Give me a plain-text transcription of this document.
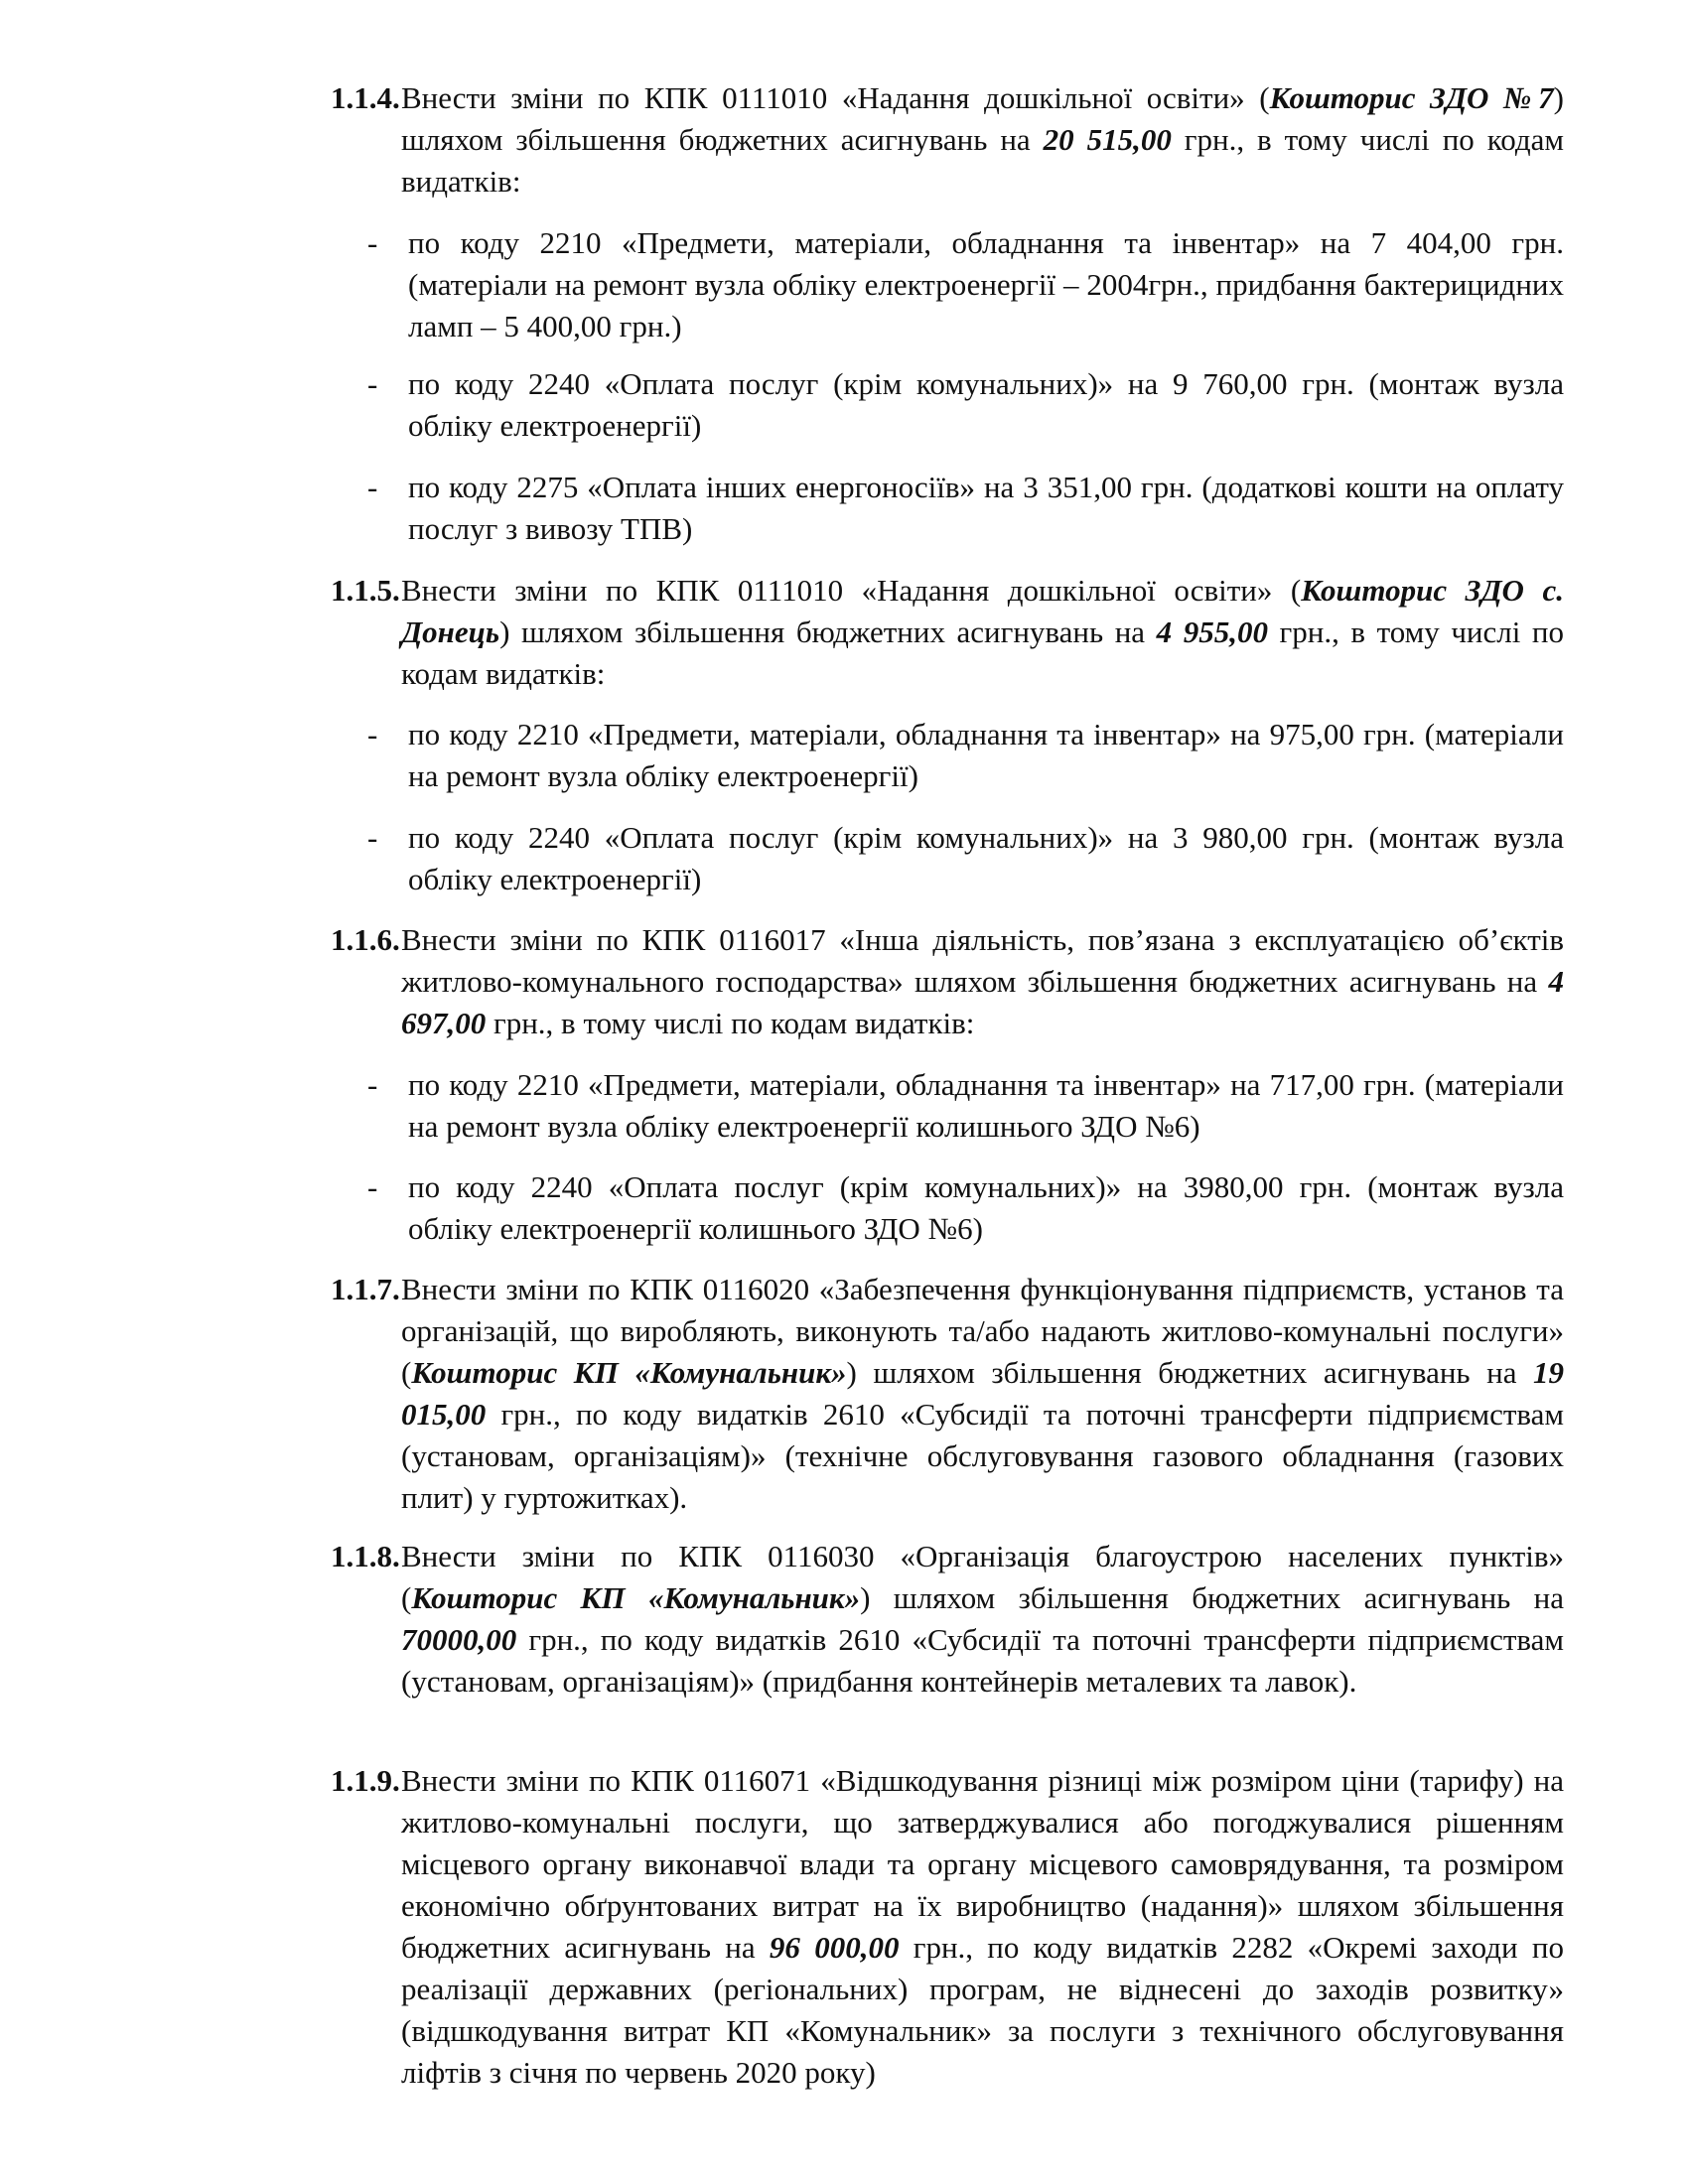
1.1.4.Внести зміни по КПК 0111010 «Надання дошкільної освіти» (Кошторис ЗДО №7) шляхом збільшення бюджетних асигнувань на 20 515,00 грн., в тому числі по кодам видатків:
- по коду 2210 «Предмети, матеріали, обладнання та інвентар» на 7 404,00 грн. (матеріали на ремонт вузла обліку електроенергії – 2004грн., придбання бактерицидних ламп – 5 400,00 грн.)
- по коду 2240 «Оплата послуг (крім комунальних)» на 9 760,00 грн. (монтаж вузла обліку електроенергії)
- по коду 2275 «Оплата інших енергоносіїв» на 3 351,00 грн. (додаткові кошти на оплату послуг з вивозу ТПВ)
1.1.5.Внести зміни по КПК 0111010 «Надання дошкільної освіти» (Кошторис ЗДО с. Донець) шляхом збільшення бюджетних асигнувань на 4 955,00 грн., в тому числі по кодам видатків:
- по коду 2210 «Предмети, матеріали, обладнання та інвентар» на 975,00 грн. (матеріали на ремонт вузла обліку електроенергії)
- по коду 2240 «Оплата послуг (крім комунальних)» на 3 980,00 грн. (монтаж вузла обліку електроенергії)
1.1.6.Внести зміни по КПК 0116017 «Інша діяльність, пов’язана з експлуатацією об’єктів житлово-комунального господарства» шляхом збільшення бюджетних асигнувань на 4 697,00 грн., в тому числі по кодам видатків:
- по коду 2210 «Предмети, матеріали, обладнання та інвентар» на 717,00 грн. (матеріали на ремонт вузла обліку електроенергії колишнього ЗДО №6)
- по коду 2240 «Оплата послуг (крім комунальних)» на 3980,00 грн. (монтаж вузла обліку електроенергії колишнього ЗДО №6)
1.1.7.Внести зміни по КПК 0116020 «Забезпечення функціонування підприємств, установ та організацій, що виробляють, виконують та/або надають житлово-комунальні послуги» (Кошторис КП «Комунальник») шляхом збільшення бюджетних асигнувань на 19 015,00 грн., по коду видатків 2610 «Субсидії та поточні трансферти підприємствам (установам, організаціям)» (технічне обслуговування газового обладнання (газових плит) у гуртожитках).
1.1.8.Внести зміни по КПК 0116030 «Організація благоустрою населених пунктів» (Кошторис КП «Комунальник») шляхом збільшення бюджетних асигнувань на 70000,00 грн., по коду видатків 2610 «Субсидії та поточні трансферти підприємствам (установам, організаціям)» (придбання контейнерів металевих та лавок).
1.1.9.Внести зміни по КПК 0116071 «Відшкодування різниці між розміром ціни (тарифу) на житлово-комунальні послуги, що затверджувалися або погоджувалися рішенням місцевого органу виконавчої влади та органу місцевого самоврядування, та розміром економічно обґрунтованих витрат на їх виробництво (надання)» шляхом збільшення бюджетних асигнувань на 96 000,00 грн., по коду видатків 2282 «Окремі заходи по реалізації державних (регіональних) програм, не віднесені до заходів розвитку» (відшкодування витрат КП «Комунальник» за послуги з технічного обслуговування ліфтів з січня по червень 2020 року)
